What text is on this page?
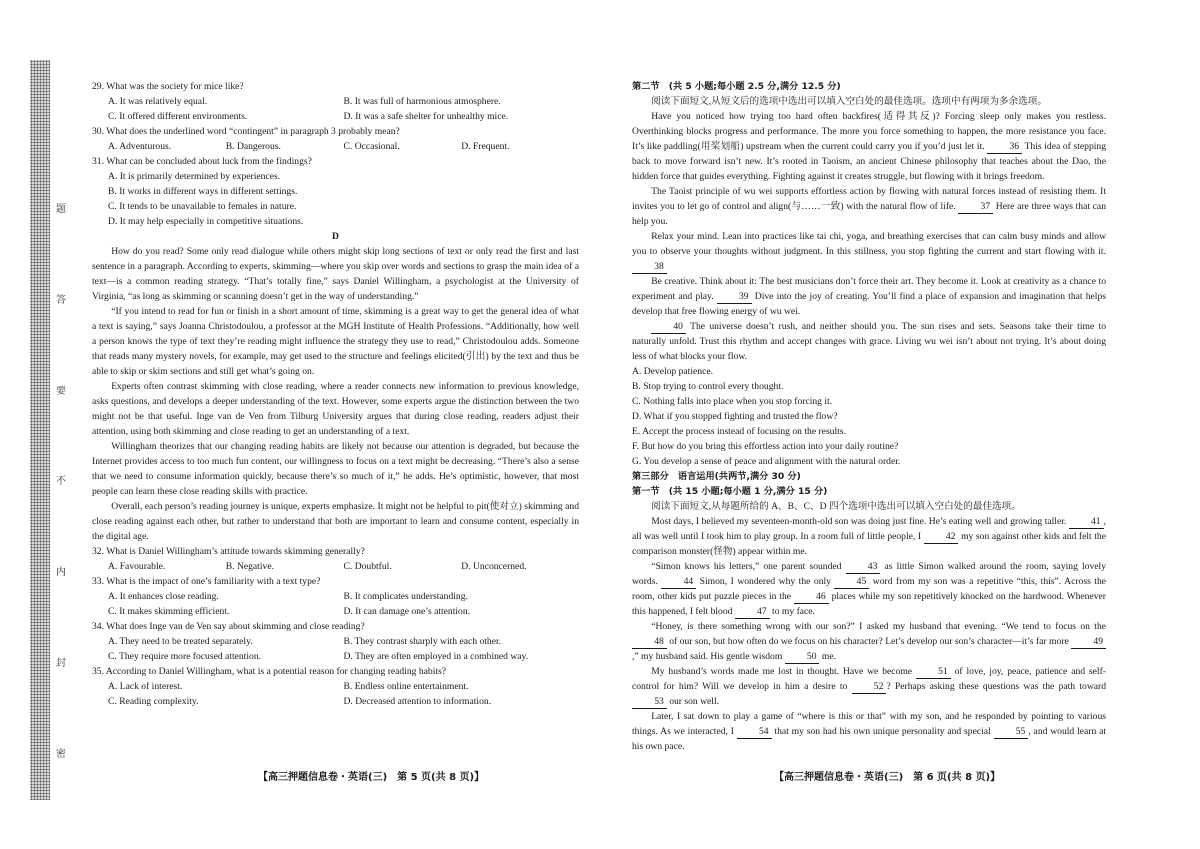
题
答
要
不
内
封
密
29. What was the society for mice like?
A. It was relatively equal.	B. It was full of harmonious atmosphere.
C. It offered different environments.	D. It was a safe shelter for unhealthy mice.
30. What does the underlined word “contingent” in paragraph 3 probably mean?
A. Adventurous.	B. Dangerous.	C. Occasional.	D. Frequent.
31. What can be concluded about luck from the findings?
A. It is primarily determined by experiences.
B. It works in different ways in different settings.
C. It tends to be unavailable to females in nature.
D. It may help especially in competitive situations.
D
How do you read? Some only read dialogue while others might skip long sections of text or only read the first and last sentence in a paragraph. According to experts, skimming—where you skip over words and sections to grasp the main idea of a text—is a common reading strategy. “That’s totally fine,” says Daniel Willingham, a psychologist at the University of Virginia, “as long as skimming or scanning doesn’t get in the way of understanding.”
“If you intend to read for fun or finish in a short amount of time, skimming is a great way to get the general idea of what a text is saying,” says Joanna Christodoulou, a professor at the MGH Institute of Health Professions. “Additionally, how well a person knows the type of text they’re reading might influence the strategy they use to read,” Christodoulou adds. Someone that reads many mystery novels, for example, may get used to the structure and feelings elicited(引出) by the text and thus be able to skip or skim sections and still get what’s going on.
Experts often contrast skimming with close reading, where a reader connects new information to previous knowledge, asks questions, and develops a deeper understanding of the text. However, some experts argue the distinction between the two might not be that useful. Inge van de Ven from Tilburg University argues that during close reading, readers adjust their attention, using both skimming and close reading to get an understanding of a text.
Willingham theorizes that our changing reading habits are likely not because our attention is degraded, but because the Internet provides access to too much fun content, our willingness to focus on a text might be decreasing. “There’s also a sense that we need to consume information quickly, because there’s so much of it,” he adds. He’s optimistic, however, that most people can learn these close reading skills with practice.
Overall, each person’s reading journey is unique, experts emphasize. It might not be helpful to pit(使对立) skimming and close reading against each other, but rather to understand that both are important to learn and consume content, especially in the digital age.
32. What is Daniel Willingham’s attitude towards skimming generally?
A. Favourable.	B. Negative.	C. Doubtful.	D. Unconcerned.
33. What is the impact of one’s familiarity with a text type?
A. It enhances close reading.	B. It complicates understanding.
C. It makes skimming efficient.	D. It can damage one’s attention.
34. What does Inge van de Ven say about skimming and close reading?
A. They need to be treated separately.	B. They contrast sharply with each other.
C. They require more focused attention.	D. They are often employed in a combined way.
35. According to Daniel Willingham, what is a potential reason for changing reading habits?
A. Lack of interest.	B. Endless online entertainment.
C. Reading complexity.	D. Decreased attention to information.
【高三押题信息卷・英语(三)　第 5 页(共 8 页)】
第二节　(共 5 小题;每小题 2.5 分,满分 12.5 分)
阅读下面短文,从短文后的选项中选出可以填入空白处的最佳选项。选项中有两项为多余选项。
Have you noticed how trying too hard often backfires(适得其反)? Forcing sleep only makes you restless. Overthinking blocks progress and performance. The more you force something to happen, the more resistance you face. It’s like paddling(用桨划船) upstream when the current could carry you if you’d just let it.	36 This idea of stepping back to move forward isn’t new. It’s rooted in Taoism, an ancient Chinese philosophy that teaches about the Dao, the hidden force that guides everything. Fighting against it creates struggle, but flowing with it brings freedom.
The Taoist principle of wu wei supports effortless action by flowing with natural forces instead of resisting them. It invites you to let go of control and align(与……一致) with the natural flow of life.	37 Here are three ways that can help you.
Relax your mind. Lean into practices like tai chi, yoga, and breathing exercises that can calm busy minds and allow you to observe your thoughts without judgment. In this stillness, you stop fighting the current and start flowing with it. 38
Be creative. Think about it: The best musicians don’t force their art. They become it. Look at creativity as a chance to experiment and play.	39 Dive into the joy of creating. You’ll find a place of expansion and imagination that helps develop that free flowing energy of wu wei.
40 The universe doesn’t rush, and neither should you. The sun rises and sets. Seasons take their time to naturally unfold. Trust this rhythm and accept changes with grace. Living wu wei isn’t about not trying. It’s about doing less of what blocks your flow.
A. Develop patience.
B. Stop trying to control every thought.
C. Nothing falls into place when you stop forcing it.
D. What if you stopped fighting and trusted the flow?
E. Accept the process instead of focusing on the results.
F. But how do you bring this effortless action into your daily routine?
G. You develop a sense of peace and alignment with the natural order.
第三部分　语言运用(共两节,满分 30 分)
第一节　(共 15 小题;每小题 1 分,满分 15 分)
阅读下面短文,从每题所给的 A、B、C、D 四个选项中选出可以填入空白处的最佳选项。
Most days, I believed my seventeen-month-old son was doing just fine. He’s eating well and growing taller.	41 , all was well until I took him to play group. In a room full of little people, I	42 my son against other kids and felt the comparison monster(怪物) appear within me.
“Simon knows his letters,” one parent sounded	43 as little Simon walked around the room, saying lovely words.	44 Simon, I wondered why the only	45 word from my son was a repetitive “this, this”. Across the room, other kids put puzzle pieces in the	46 places while my son repetitively knocked on the hardwood. Whenever this happened, I felt blood	47 to my face.
“Honey, is there something wrong with our son?” I asked my husband that evening. “We tend to focus on the 48 of our son, but how often do we focus on his character? Let’s develop our son’s character—it’s far more	49,” my husband said. His gentle wisdom	50 me.
My husband’s words made me lost in thought. Have we become	51 of love, joy, peace, patience and self-control for him? Will we develop in him a desire to	52 ? Perhaps asking these questions was the path toward 53 our son well.
Later, I sat down to play a game of “where is this or that” with my son, and he responded by pointing to various things. As we interacted, I	54 that my son had his own unique personality and special	55 , and would learn at his own pace.
【高三押题信息卷・英语(三)　第 6 页(共 8 页)】
